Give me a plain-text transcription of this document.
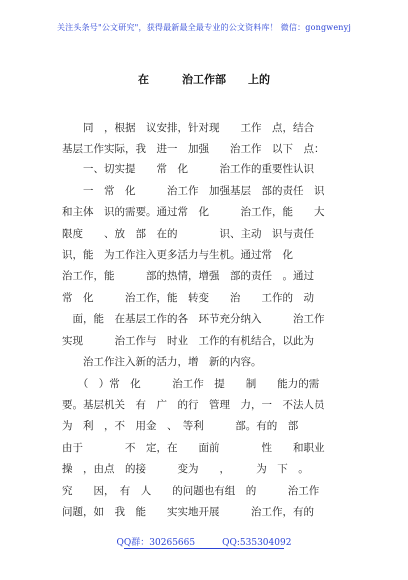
关注头条号"公文研究"，获得最新最全最专业的公文资料库！ 微信：gongwenyj
在　　　治工作部　　上的
　　同　，根据　议安排，针对现　　工作　点，结合
基层工作实际，我　进一　加强　　治工作　以下　点：
　　一、切实提　　常　化　　　治工作的重要性认识
　　一　常　化　　　治工作　加强基层　部的责任　识
和主体　识的需要。通过常　化　　　治工作，能　　大
限度　　、放　部　在的　　　　识、主动　识与责任
识，能　为工作注入更多活力与生机。通过常　化
治工作，能　　　部的热情，增强　部的责任　。通过
常　化　　　治工作，能　转变　　治　　工作的　动
　面，能　在基层工作的各　环节充分纳入　　　治工作
实现　　　治工作与　时业　工作的有机结合，以此为
　　治工作注入新的活力，增　新的内容。
　　（　）常　化　　　治工作　提　　制　　能力的需
要。基层机关　有　广　的行　管理　力，一　不法人员
为　利　，不　用金　、　等利　　　部。有的　部
由于　　　　不　定，在　　面前　　　　性　　和职业
操　，由点　的接　　　变为　　，　　　为　下　。
究　　因，　有　人　　的问题也有组　的　　　治工作
问题，如　我　能　　实实地开展　　　治工作，有的
QQ群：30265665　　　QQ:535304092
